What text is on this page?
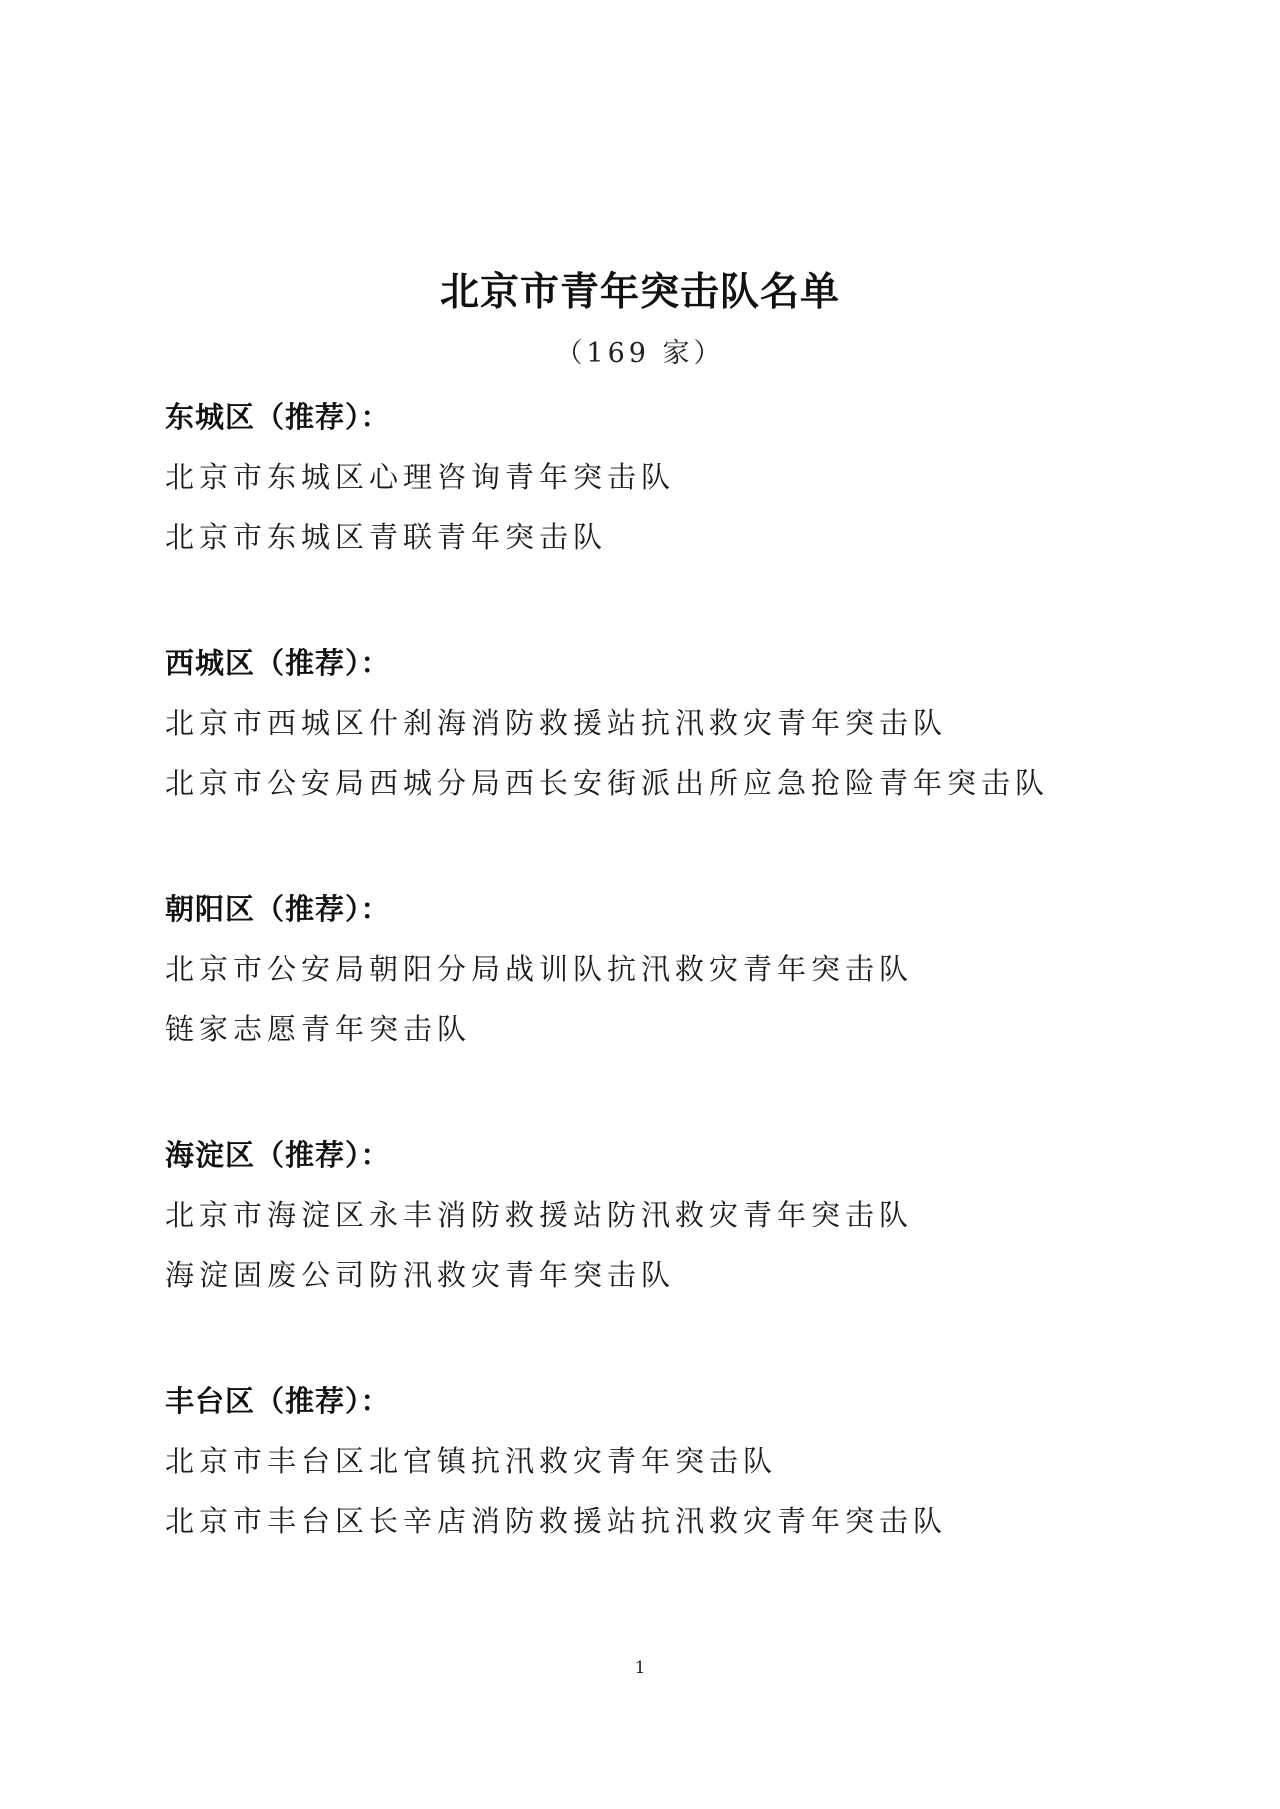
北京市青年突击队名单
（169 家）
东城区（推荐）：
北京市东城区心理咨询青年突击队
北京市东城区青联青年突击队
西城区（推荐）：
北京市西城区什刹海消防救援站抗汛救灾青年突击队
北京市公安局西城分局西长安街派出所应急抢险青年突击队
朝阳区（推荐）：
北京市公安局朝阳分局战训队抗汛救灾青年突击队
链家志愿青年突击队
海淀区（推荐）：
北京市海淀区永丰消防救援站防汛救灾青年突击队
海淀固废公司防汛救灾青年突击队
丰台区（推荐）：
北京市丰台区北官镇抗汛救灾青年突击队
北京市丰台区长辛店消防救援站抗汛救灾青年突击队
1
